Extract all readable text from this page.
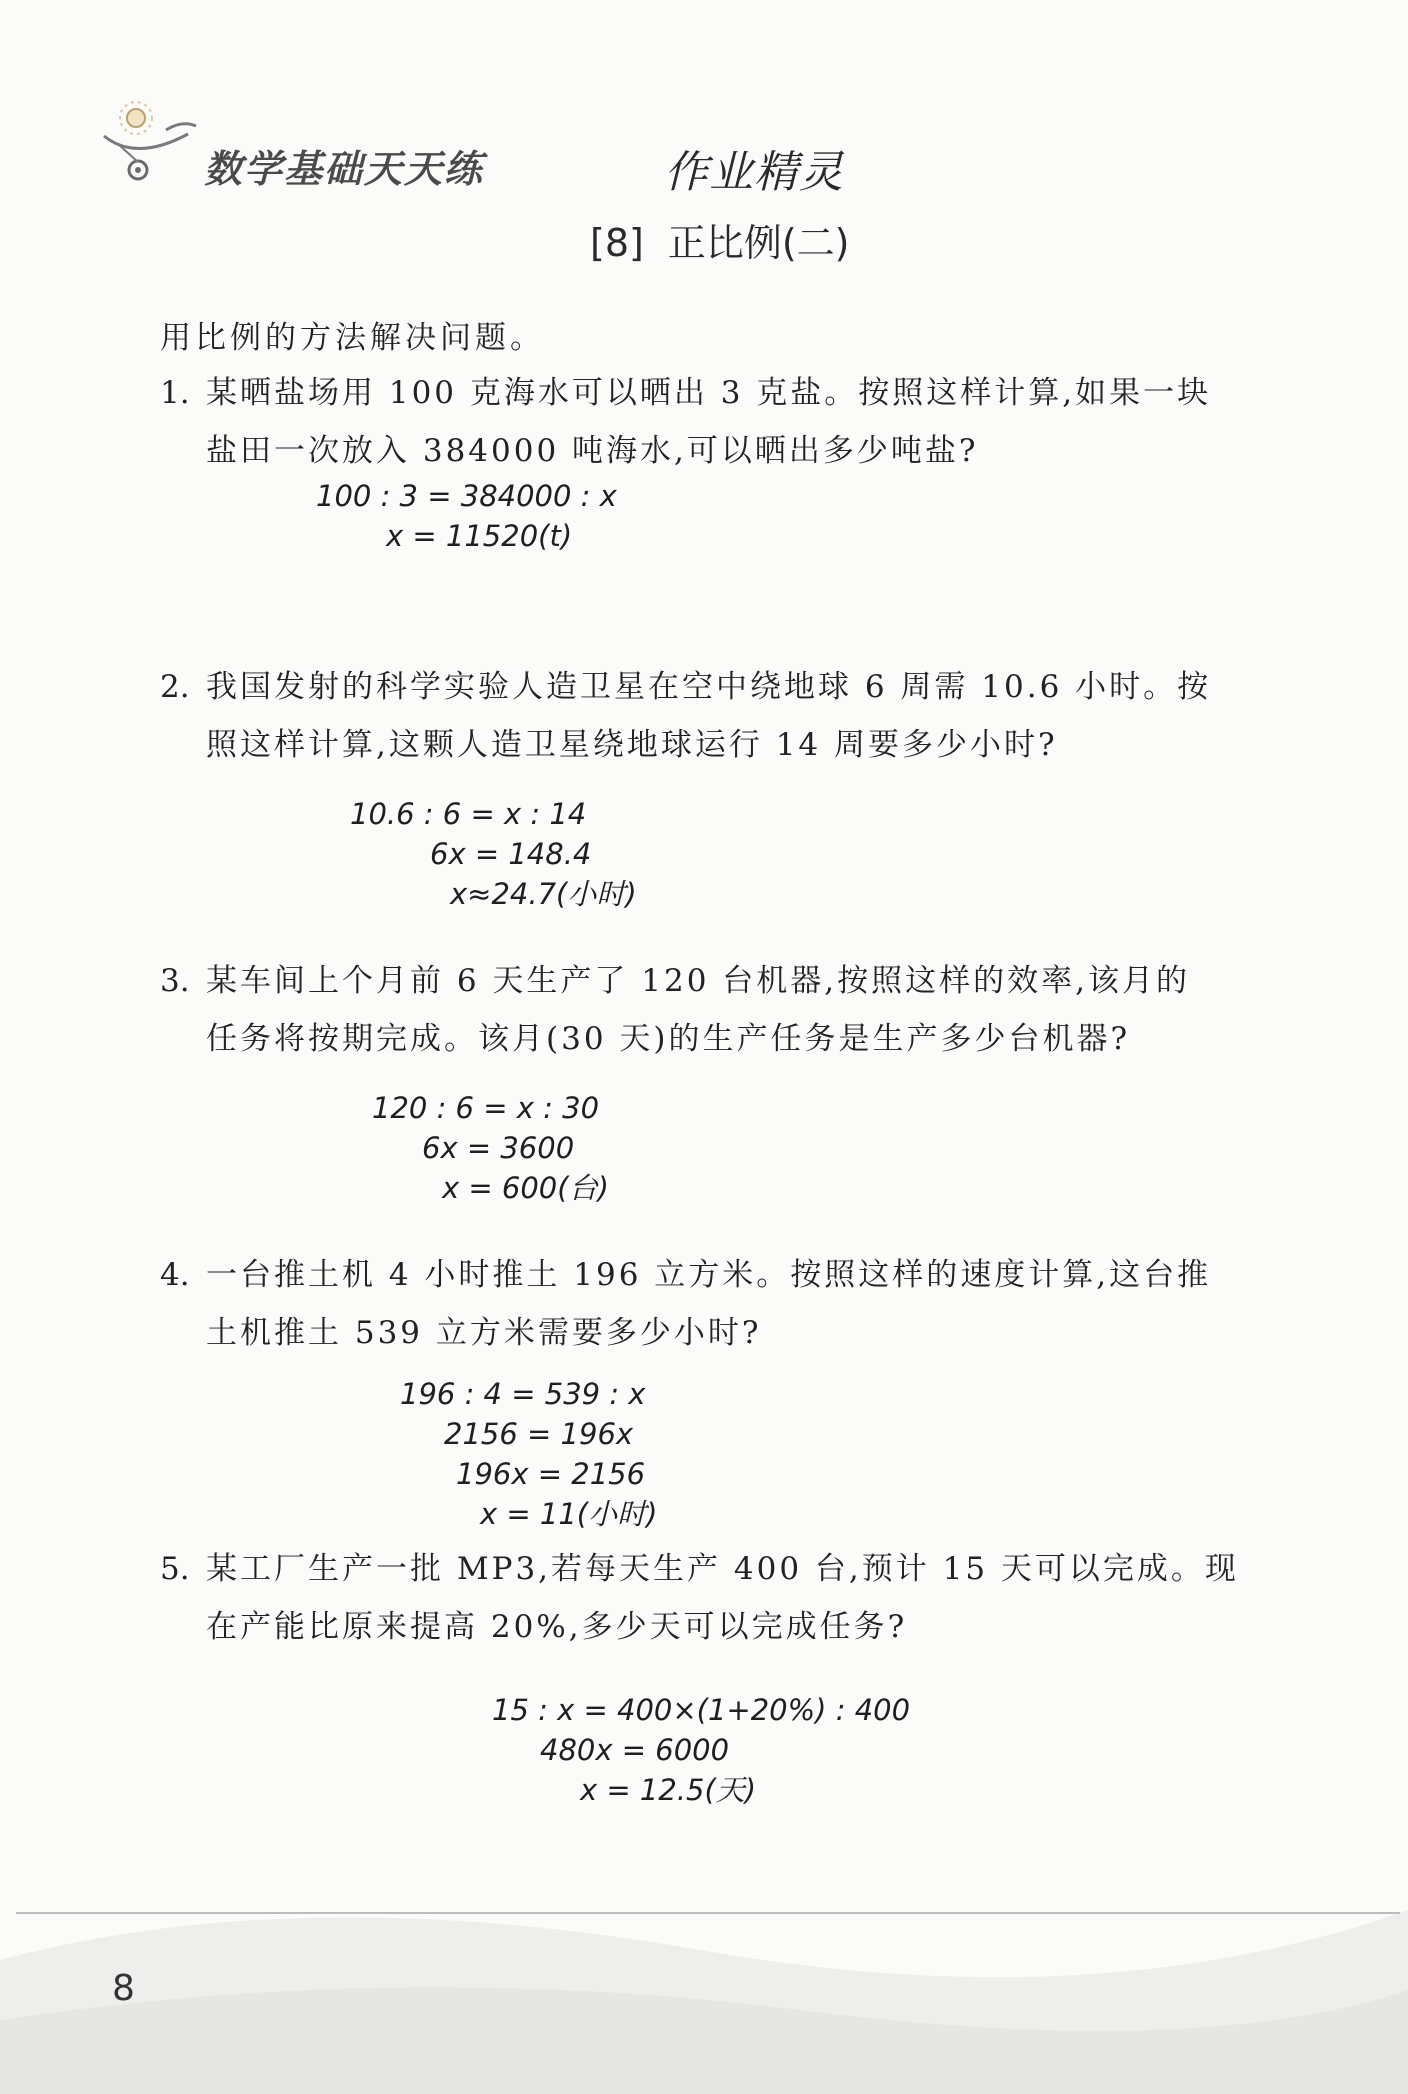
数学基础天天练	作业精灵
[8] 正比例(二)
用比例的方法解决问题。
1. 某晒盐场用 100 克海水可以晒出 3 克盐。按照这样计算,如果一块
盐田一次放入 384000 吨海水,可以晒出多少吨盐?
100 : 3 = 384000 : x
x = 11520(t)
2. 我国发射的科学实验人造卫星在空中绕地球 6 周需 10.6 小时。按
照这样计算,这颗人造卫星绕地球运行 14 周要多少小时?
10.6 : 6 = x : 14
6x = 148.4
x≈24.7(小时)
3. 某车间上个月前 6 天生产了 120 台机器,按照这样的效率,该月的
任务将按期完成。该月(30 天)的生产任务是生产多少台机器?
120 : 6 = x : 30
6x = 3600
x = 600(台)
4. 一台推土机 4 小时推土 196 立方米。按照这样的速度计算,这台推
土机推土 539 立方米需要多少小时?
196 : 4 = 539 : x
2156 = 196x
196x = 2156
x = 11(小时)
5. 某工厂生产一批 MP3,若每天生产 400 台,预计 15 天可以完成。现
在产能比原来提高 20%,多少天可以完成任务?
15 : x = 400×(1+20%) : 400
480x = 6000
x = 12.5(天)
8
